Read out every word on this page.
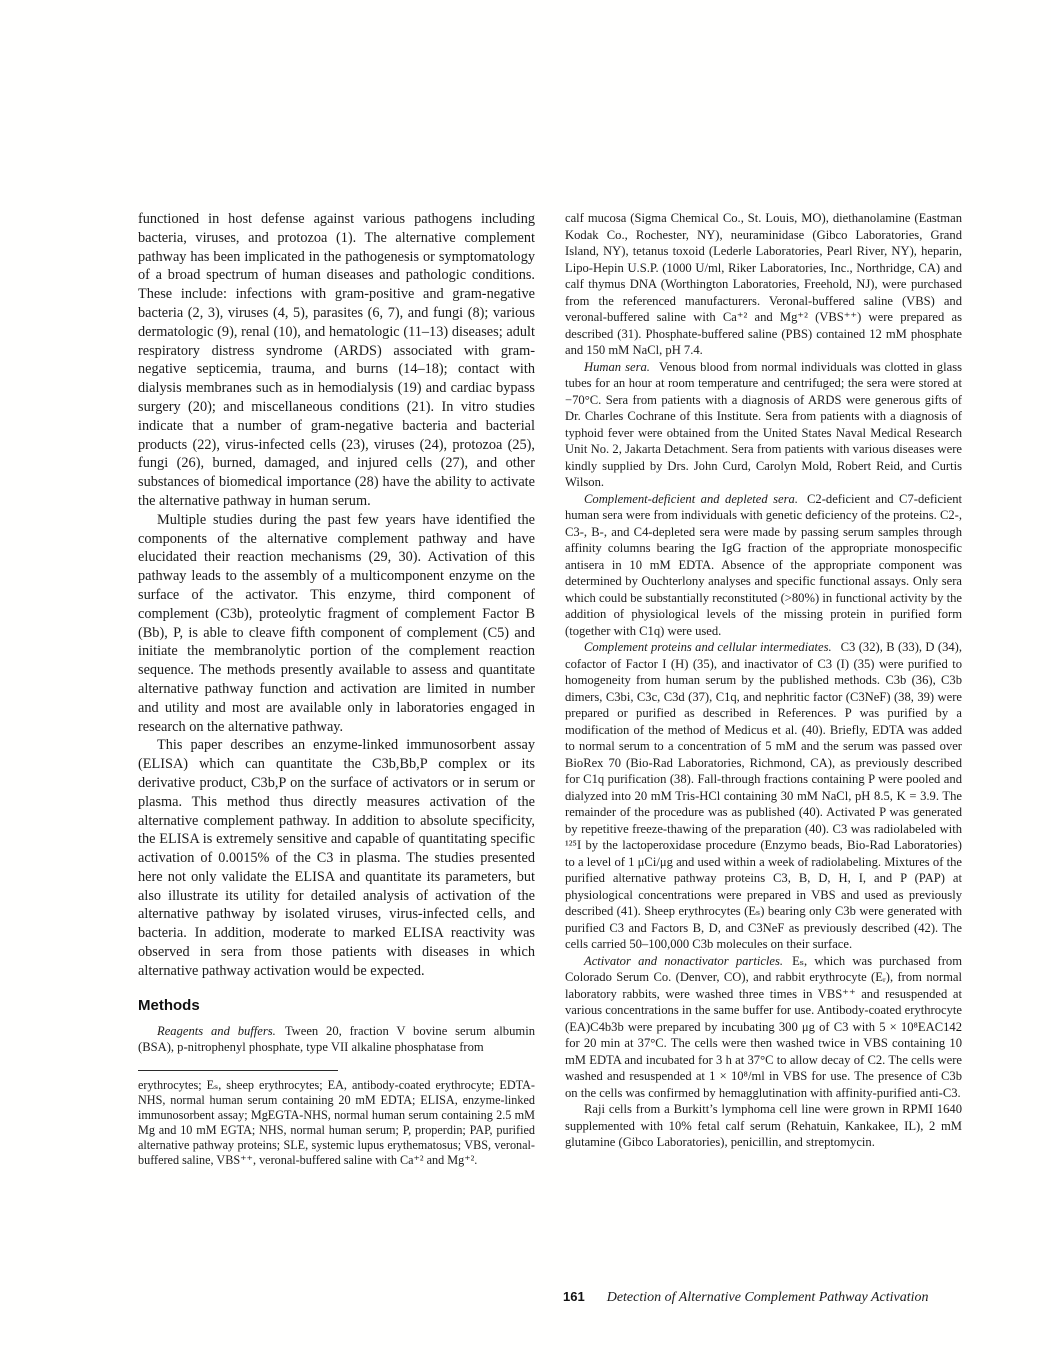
functioned in host defense against various pathogens including bacteria, viruses, and protozoa (1). The alternative complement pathway has been implicated in the pathogenesis or symptomatology of a broad spectrum of human diseases and pathologic conditions. These include: infections with gram-positive and gram-negative bacteria (2, 3), viruses (4, 5), parasites (6, 7), and fungi (8); various dermatologic (9), renal (10), and hematologic (11–13) diseases; adult respiratory distress syndrome (ARDS) associated with gram-negative septicemia, trauma, and burns (14–18); contact with dialysis membranes such as in hemodialysis (19) and cardiac bypass surgery (20); and miscellaneous conditions (21). In vitro studies indicate that a number of gram-negative bacteria and bacterial products (22), virus-infected cells (23), viruses (24), protozoa (25), fungi (26), burned, damaged, and injured cells (27), and other substances of biomedical importance (28) have the ability to activate the alternative pathway in human serum.

Multiple studies during the past few years have identified the components of the alternative complement pathway and have elucidated their reaction mechanisms (29, 30). Activation of this pathway leads to the assembly of a multicomponent enzyme on the surface of the activator. This enzyme, third component of complement (C3b), proteolytic fragment of complement Factor B (Bb), P, is able to cleave fifth component of complement (C5) and initiate the membranolytic portion of the complement reaction sequence. The methods presently available to assess and quantitate alternative pathway function and activation are limited in number and utility and most are available only in laboratories engaged in research on the alternative pathway.

This paper describes an enzyme-linked immunosorbent assay (ELISA) which can quantitate the C3b,Bb,P complex or its derivative product, C3b,P on the surface of activators or in serum or plasma. This method thus directly measures activation of the alternative complement pathway. In addition to absolute specificity, the ELISA is extremely sensitive and capable of quantitating specific activation of 0.0015% of the C3 in plasma. The studies presented here not only validate the ELISA and quantitate its parameters, but also illustrate its utility for detailed analysis of activation of the alternative pathway by isolated viruses, virus-infected cells, and bacteria. In addition, moderate to marked ELISA reactivity was observed in sera from those patients with diseases in which alternative pathway activation would be expected.

Methods

Reagents and buffers. Tween 20, fraction V bovine serum albumin (BSA), p-nitrophenyl phosphate, type VII alkaline phosphatase from

erythrocytes; Eₛ, sheep erythrocytes; EA, antibody-coated erythrocyte; EDTA-NHS, normal human serum containing 20 mM EDTA; ELISA, enzyme-linked immunosorbent assay; MgEGTA-NHS, normal human serum containing 2.5 mM Mg and 10 mM EGTA; NHS, normal human serum; P, properdin; PAP, purified alternative pathway proteins; SLE, systemic lupus erythematosus; VBS, veronal-buffered saline, VBS⁺⁺, veronal-buffered saline with Ca⁺² and Mg⁺².

calf mucosa (Sigma Chemical Co., St. Louis, MO), diethanolamine (Eastman Kodak Co., Rochester, NY), neuraminidase (Gibco Laboratories, Grand Island, NY), tetanus toxoid (Lederle Laboratories, Pearl River, NY), heparin, Lipo-Hepin U.S.P. (1000 U/ml, Riker Laboratories, Inc., Northridge, CA) and calf thymus DNA (Worthington Laboratories, Freehold, NJ), were purchased from the referenced manufacturers. Veronal-buffered saline (VBS) and veronal-buffered saline with Ca⁺² and Mg⁺² (VBS⁺⁺) were prepared as described (31). Phosphate-buffered saline (PBS) contained 12 mM phosphate and 150 mM NaCl, pH 7.4.

Human sera. Venous blood from normal individuals was clotted in glass tubes for an hour at room temperature and centrifuged; the sera were stored at −70°C. Sera from patients with a diagnosis of ARDS were generous gifts of Dr. Charles Cochrane of this Institute. Sera from patients with a diagnosis of typhoid fever were obtained from the United States Naval Medical Research Unit No. 2, Jakarta Detachment. Sera from patients with various diseases were kindly supplied by Drs. John Curd, Carolyn Mold, Robert Reid, and Curtis Wilson.

Complement-deficient and depleted sera. C2-deficient and C7-deficient human sera were from individuals with genetic deficiency of the proteins. C2-, C3-, B-, and C4-depleted sera were made by passing serum samples through affinity columns bearing the IgG fraction of the appropriate monospecific antisera in 10 mM EDTA. Absence of the appropriate component was determined by Ouchterlony analyses and specific functional assays. Only sera which could be substantially reconstituted (>80%) in functional activity by the addition of physiological levels of the missing protein in purified form (together with C1q) were used.

Complement proteins and cellular intermediates. C3 (32), B (33), D (34), cofactor of Factor I (H) (35), and inactivator of C3 (I) (35) were purified to homogeneity from human serum by the published methods. C3b (36), C3b dimers, C3bi, C3c, C3d (37), C1q, and nephritic factor (C3NeF) (38, 39) were prepared or purified as described in References. P was purified by a modification of the method of Medicus et al. (40). Briefly, EDTA was added to normal serum to a concentration of 5 mM and the serum was passed over BioRex 70 (Bio-Rad Laboratories, Richmond, CA), as previously described for C1q purification (38). Fall-through fractions containing P were pooled and dialyzed into 20 mM Tris-HCl containing 30 mM NaCl, pH 8.5, K = 3.9. The remainder of the procedure was as published (40). Activated P was generated by repetitive freeze-thawing of the preparation (40). C3 was radiolabeled with ¹²⁵I by the lactoperoxidase procedure (Enzymo beads, Bio-Rad Laboratories) to a level of 1 μCi/μg and used within a week of radiolabeling. Mixtures of the purified alternative pathway proteins C3, B, D, H, I, and P (PAP) at physiological concentrations were prepared in VBS and used as previously described (41). Sheep erythrocytes (Eₛ) bearing only C3b were generated with purified C3 and Factors B, D, and C3NeF as previously described (42). The cells carried 50–100,000 C3b molecules on their surface.

Activator and nonactivator particles. Eₛ, which was purchased from Colorado Serum Co. (Denver, CO), and rabbit erythrocyte (Eᵣ), from normal laboratory rabbits, were washed three times in VBS⁺⁺ and resuspended at various concentrations in the same buffer for use. Antibody-coated erythrocyte (EA)C4b3b were prepared by incubating 300 μg of C3 with 5 × 10⁸EAC142 for 20 min at 37°C. The cells were then washed twice in VBS containing 10 mM EDTA and incubated for 3 h at 37°C to allow decay of C2. The cells were washed and resuspended at 1 × 10⁸/ml in VBS for use. The presence of C3b on the cells was confirmed by hemagglutination with affinity-purified anti-C3.

Raji cells from a Burkitt’s lymphoma cell line were grown in RPMI 1640 supplemented with 10% fetal calf serum (Rehatuin, Kankakee, IL), 2 mM glutamine (Gibco Laboratories), penicillin, and streptomycin.

161 Detection of Alternative Complement Pathway Activation
